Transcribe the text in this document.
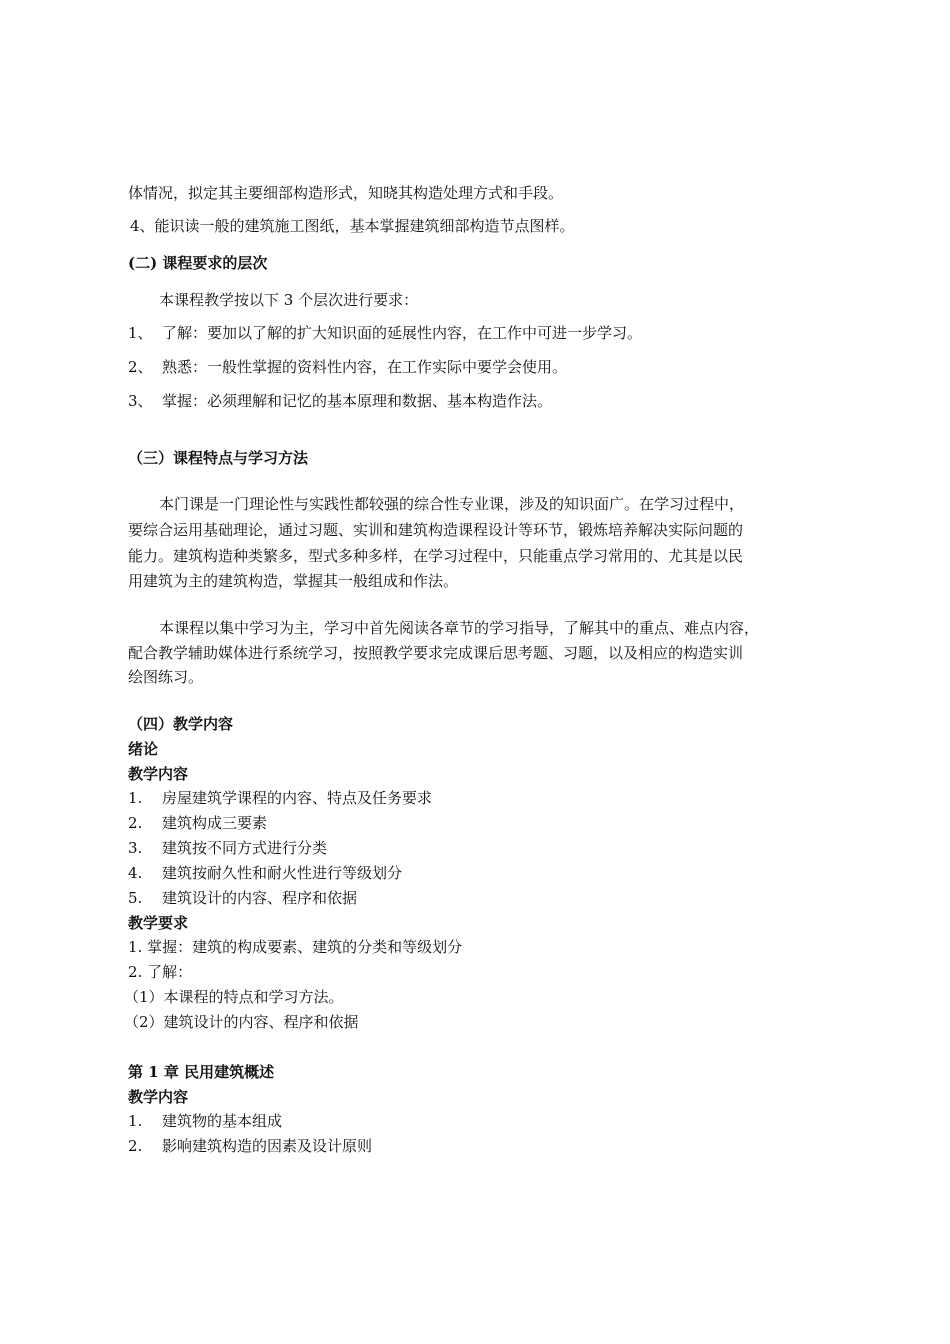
体情况，拟定其主要细部构造形式，知晓其构造处理方式和手段。
4、能识读一般的建筑施工图纸，基本掌握建筑细部构造节点图样。
(二) 课程要求的层次
本课程教学按以下 3 个层次进行要求：
1、 了解：要加以了解的扩大知识面的延展性内容，在工作中可进一步学习。
2、 熟悉：一般性掌握的资料性内容，在工作实际中要学会使用。
3、 掌握：必须理解和记忆的基本原理和数据、基本构造作法。
（三）课程特点与学习方法
本门课是一门理论性与实践性都较强的综合性专业课，涉及的知识面广。在学习过程中，
要综合运用基础理论，通过习题、实训和建筑构造课程设计等环节，锻炼培养解决实际问题的
能力。建筑构造种类繁多，型式多种多样，在学习过程中，只能重点学习常用的、尤其是以民
用建筑为主的建筑构造，掌握其一般组成和作法。
本课程以集中学习为主，学习中首先阅读各章节的学习指导，了解其中的重点、难点内容，
配合教学辅助媒体进行系统学习，按照教学要求完成课后思考题、习题，以及相应的构造实训
绘图练习。
（四）教学内容
绪论
教学内容
1. 房屋建筑学课程的内容、特点及任务要求
2. 建筑构成三要素
3. 建筑按不同方式进行分类
4. 建筑按耐久性和耐火性进行等级划分
5. 建筑设计的内容、程序和依据
教学要求
1. 掌握：建筑的构成要素、建筑的分类和等级划分
2. 了解：
（1）本课程的特点和学习方法。
（2）建筑设计的内容、程序和依据
第 1 章 民用建筑概述
教学内容
1. 建筑物的基本组成
2. 影响建筑构造的因素及设计原则
